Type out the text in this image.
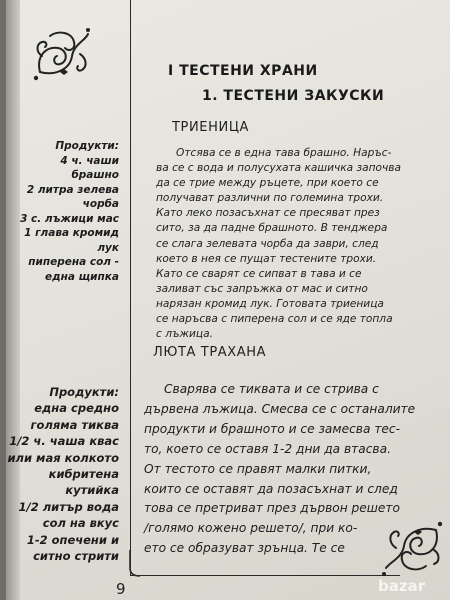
I ТЕСТЕНИ ХРАНИ
1. ТЕСТЕНИ ЗАКУСКИ
ТРИЕНИЦА
Продукти:
4 ч. чаши
брашно
2 литра зелева
чорба
3 с. лъжици мас
1 глава кромид
лук
пиперена сол -
една щипка
Отсява се в една тава брашно. Наръс-
ва се с вода и полусухата кашичка започва
да се трие между ръцете, при което се
получават различни по големина трохи.
Като леко позасъхнат се пресяват през
сито, за да падне брашното. В тенджера
се слага зелевата чорба да заври, след
което в нея се пущат тестените трохи.
Като се сварят се сипват в тава и се
заливат със запръжка от мас и ситно
нарязан кромид лук. Готовата триеница
се наръсва с пиперена сол и се яде топла
с лъжица.
ЛЮТА ТРАХАНА
Продукти:
една средно
голяма тиква
1/2 ч. чаша квас
или мая колкото
кибритена
кутийка
1/2 литър вода
сол на вкус
1-2 опечени и
ситно стрити
Сварява се тиквата и се стрива с
дървена лъжица. Смесва се с останалите
продукти и брашното и се замесва тес-
то, което се оставя 1-2 дни да втасва.
От тестото се правят малки питки,
които се оставят да позасъхнат и след
това се претриват през дървон решето
/голямо кожено решето/, при ко-
ето се образуват зрънца. Те се
9	bazar
